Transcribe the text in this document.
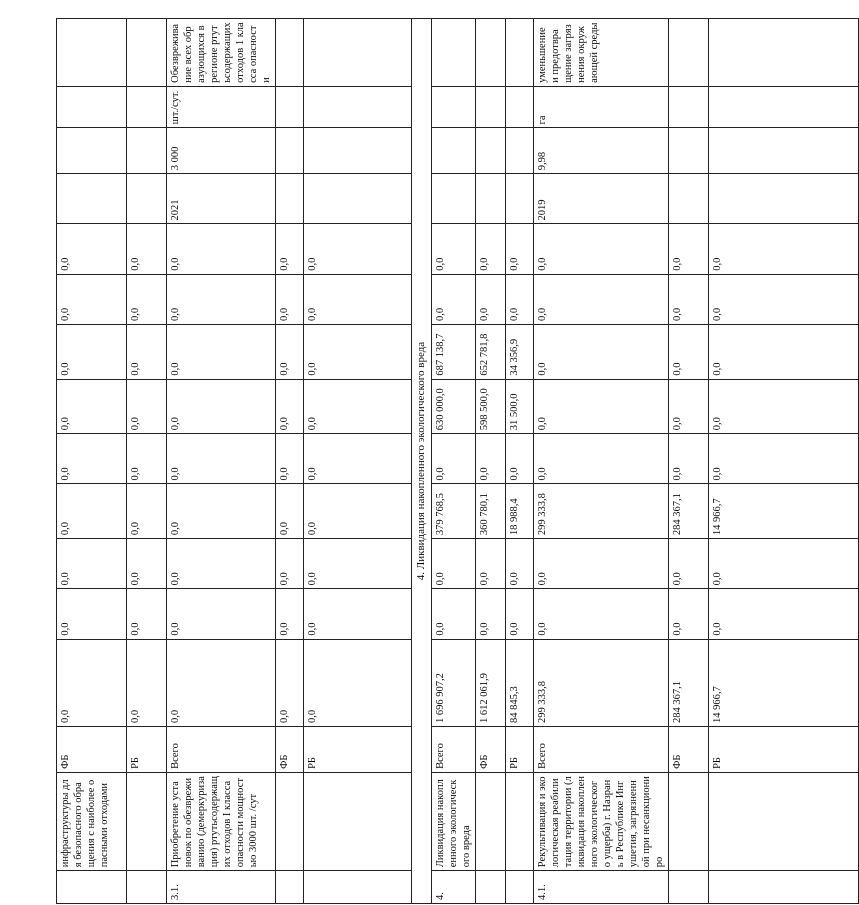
	инфраструктуры для безопасного обращения с наиболее опасными отходами	ФБ	0,0	0,0	0,0	0,0	0,0	0,0	0,0	0,0	0,0				
		РБ	0,0	0,0	0,0	0,0	0,0	0,0	0,0	0,0	0,0				
3.1.	Приобретение установок по обезвреживанию (демеркуризация) ртутьсодержащих отходов I класса опасности мощностью 3000 шт. /сут	Всего	0,0	0,0	0,0	0,0	0,0	0,0	0,0	0,0	0,0	2021	3 000	шт./сут.	Обезвреживание всех образующихся в регионе ртутьсодержащих отходов 1 класса опасности
		ФБ	0,0	0,0	0,0	0,0	0,0	0,0	0,0	0,0	0,0				
		РБ	0,0	0,0	0,0	0,0	0,0	0,0	0,0	0,0	0,0				
4. Ликвидация накопленного экологического вреда															
4.	Ликвидация накопленного экологического вреда	Всего	1 696 907,2	0,0	0,0	379 768,5	0,0	630 000,0	687 138,7	0,0	0,0				
		ФБ	1 612 061,9	0,0	0,0	360 780,1	0,0	598 500,0	652 781,8	0,0	0,0				
		РБ	84 845,3	0,0	0,0	18 988,4	0,0	31 500,0	34 356,9	0,0	0,0				
4.1.	Рекультивация и экологическая реабилитация территории (ликвидация накопленного экологического ущерба) г. Назрань в Республике Ингушетия, загрязненной при несанкциониро	Всего	299 333,8	0,0	0,0	299 333,8	0,0	0,0	0,0	0,0	0,0	2019	9,98	га	уменьшение и предотвращение загрязнения окружающей среды
		ФБ	284 367,1	0,0	0,0	284 367,1	0,0	0,0	0,0	0,0	0,0				
		РБ	14 966,7	0,0	0,0	14 966,7	0,0	0,0	0,0	0,0	0,0				
